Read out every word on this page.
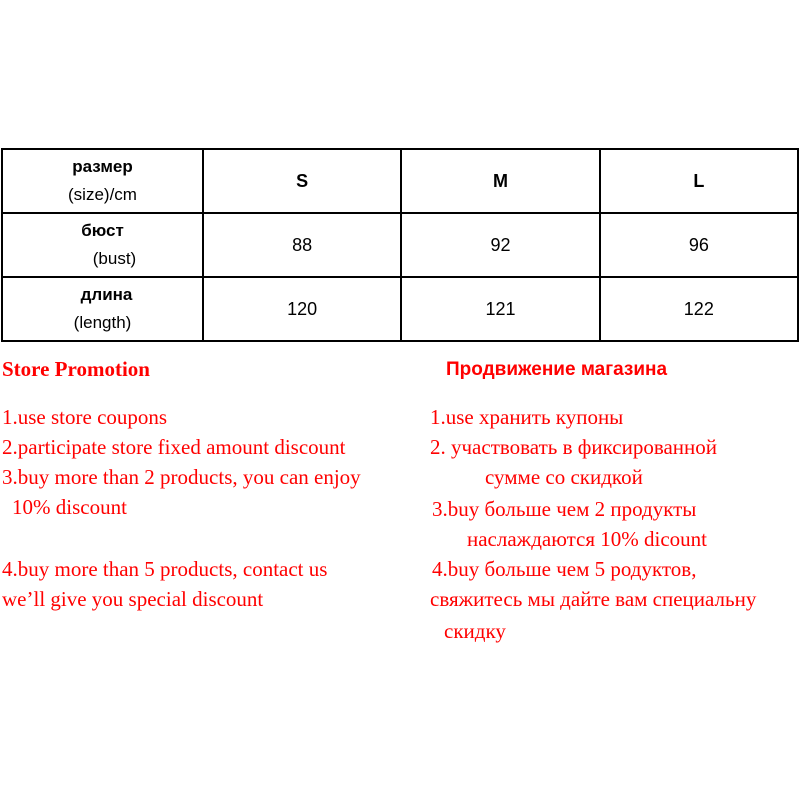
размер
(size)/cm	S	M	L

бюст
(bust)	88	92	96

длина
(length)	120	121	122
Store Promotion
1.use store coupons
2.participate store fixed amount discount
3.buy more than 2 products, you can enjoy
10% discount
4.buy more than 5 products, contact us
we’ll give you special discount
Продвижение магазина
1.use хранить купоны
2. участвовать в фиксированной
сумме со скидкой
3.buy больше чем 2 продукты
наслаждаются 10% dicount
4.buy больше чем 5 родуктов,
свяжитесь мы дайте вам специальну
скидку
